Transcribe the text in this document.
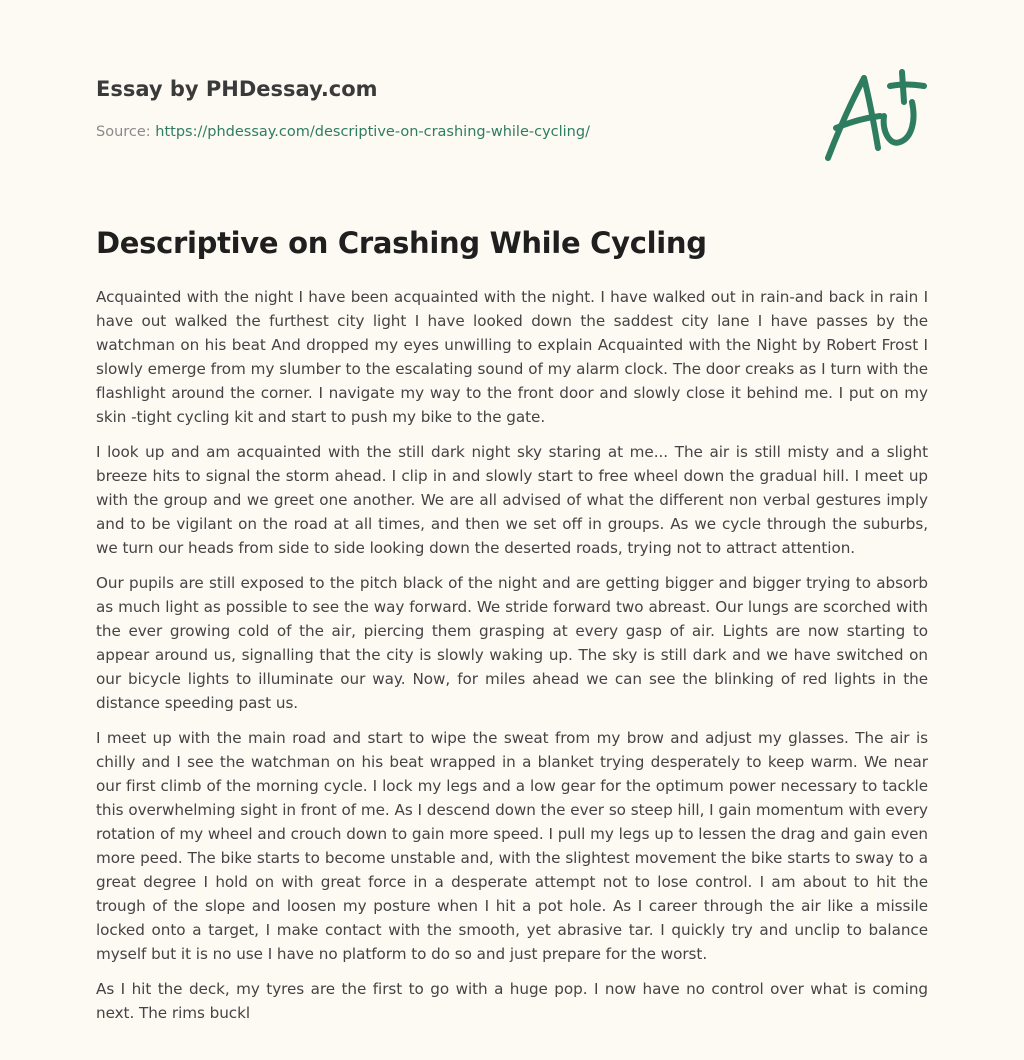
Essay by PHDessay.com
Source: https://phdessay.com/descriptive-on-crashing-while-cycling/
Descriptive on Crashing While Cycling

Acquainted with the night I have been acquainted with the night. I have walked out in rain-and back in rain I have out walked the furthest city light I have looked down the saddest city lane I have passes by the watchman on his beat And dropped my eyes unwilling to explain Acquainted with the Night by Robert Frost I slowly emerge from my slumber to the escalating sound of my alarm clock. The door creaks as I turn with the flashlight around the corner. I navigate my way to the front door and slowly close it behind me. I put on my skin -tight cycling kit and start to push my bike to the gate.

I look up and am acquainted with the still dark night sky staring at me... The air is still misty and a slight breeze hits to signal the storm ahead. I clip in and slowly start to free wheel down the gradual hill. I meet up with the group and we greet one another. We are all advised of what the different non verbal gestures imply and to be vigilant on the road at all times, and then we set off in groups. As we cycle through the suburbs, we turn our heads from side to side looking down the deserted roads, trying not to attract attention.

Our pupils are still exposed to the pitch black of the night and are getting bigger and bigger trying to absorb as much light as possible to see the way forward. We stride forward two abreast. Our lungs are scorched with the ever growing cold of the air, piercing them grasping at every gasp of air. Lights are now starting to appear around us, signalling that the city is slowly waking up. The sky is still dark and we have switched on our bicycle lights to illuminate our way. Now, for miles ahead we can see the blinking of red lights in the distance speeding past us.

I meet up with the main road and start to wipe the sweat from my brow and adjust my glasses. The air is chilly and I see the watchman on his beat wrapped in a blanket trying desperately to keep warm. We near our first climb of the morning cycle. I lock my legs and a low gear for the optimum power necessary to tackle this overwhelming sight in front of me. As I descend down the ever so steep hill, I gain momentum with every rotation of my wheel and crouch down to gain more speed. I pull my legs up to lessen the drag and gain even more peed. The bike starts to become unstable and, with the slightest movement the bike starts to sway to a great degree I hold on with great force in a desperate attempt not to lose control. I am about to hit the trough of the slope and loosen my posture when I hit a pot hole. As I career through the air like a missile locked onto a target, I make contact with the smooth, yet abrasive tar. I quickly try and unclip to balance myself but it is no use I have no platform to do so and just prepare for the worst.

As I hit the deck, my tyres are the first to go with a huge pop. I now have no control over what is coming next. The rims buckl
